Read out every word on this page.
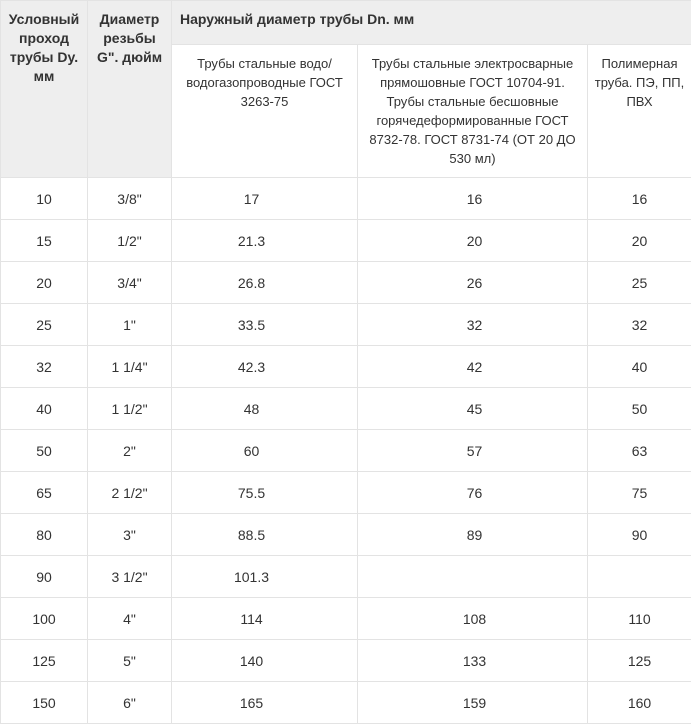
Условный проход трубы Dy. мм	Диаметр резьбы G". дюйм	Наружный диаметр трубы Dn. мм		
		Трубы стальные водо/водогазопроводные ГОСТ 3263-75	Трубы стальные электросварные прямошовные ГОСТ 10704-91. Трубы стальные бесшовные горячедеформированные ГОСТ 8732-78. ГОСТ 8731-74 (ОТ 20 ДО 530 мл)	Полимерная труба. ПЭ, ПП, ПВХ
10	3/8"	17	16	16
15	1/2"	21.3	20	20
20	3/4"	26.8	26	25
25	1"	33.5	32	32
32	1 1/4"	42.3	42	40
40	1 1/2"	48	45	50
50	2"	60	57	63
65	2 1/2"	75.5	76	75
80	3"	88.5	89	90
90	3 1/2"	101.3		
100	4"	114	108	110
125	5"	140	133	125
150	6"	165	159	160
